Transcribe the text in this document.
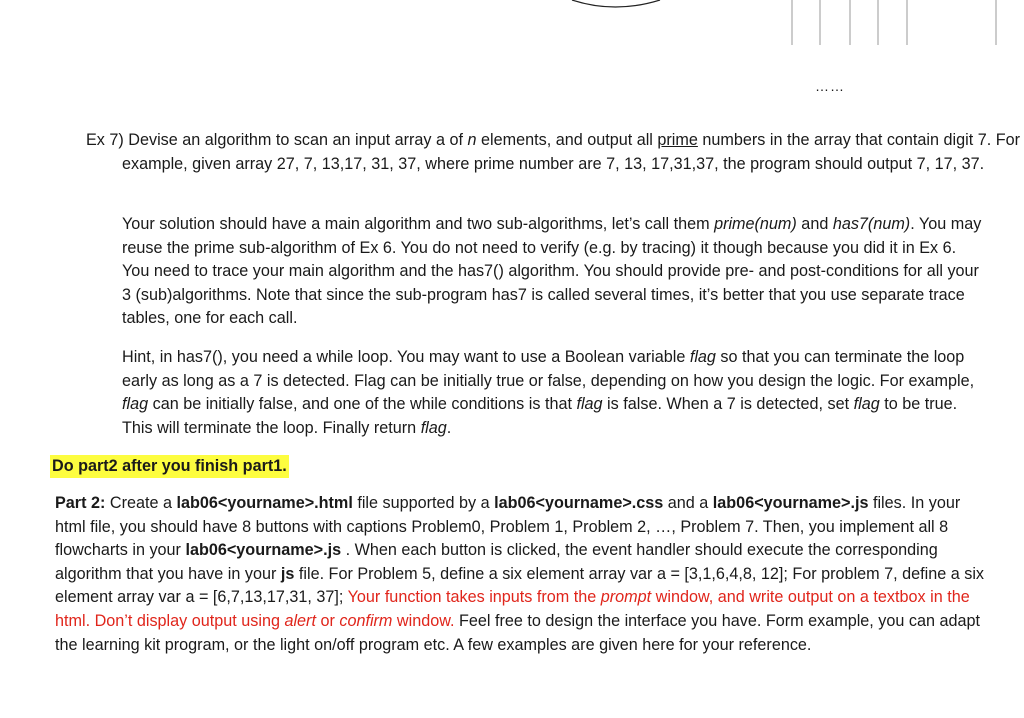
……

Ex 7) Devise an algorithm to scan an input array a of n elements, and output all prime numbers in the array that contain digit 7. For example, given array 27, 7, 13,17, 31, 37, where prime number are 7, 13, 17,31,37, the program should output 7, 17, 37.

Your solution should have a main algorithm and two sub-algorithms, let’s call them prime(num) and has7(num). You may reuse the prime sub-algorithm of Ex 6. You do not need to verify (e.g. by tracing) it though because you did it in Ex 6. You need to trace your main algorithm and the has7() algorithm. You should provide pre- and post-conditions for all your 3 (sub)algorithms. Note that since the sub-program has7 is called several times, it’s better that you use separate trace tables, one for each call.

Hint, in has7(), you need a while loop. You may want to use a Boolean variable flag so that you can terminate the loop early as long as a 7 is detected. Flag can be initially true or false, depending on how you design the logic. For example, flag can be initially false, and one of the while conditions is that flag is false. When a 7 is detected, set flag to be true. This will terminate the loop. Finally return flag.

Do part2 after you finish part1.

Part 2: Create a lab06<yourname>.html file supported by a lab06<yourname>.css and a lab06<yourname>.js files. In your html file, you should have 8 buttons with captions Problem0, Problem 1, Problem 2, …, Problem 7. Then, you implement all 8 flowcharts in your lab06<yourname>.js . When each button is clicked, the event handler should execute the corresponding algorithm that you have in your js file. For Problem 5, define a six element array var a = [3,1,6,4,8, 12]; For problem 7, define a six element array var a = [6,7,13,17,31, 37]; Your function takes inputs from the prompt window, and write output on a textbox in the html. Don’t display output using alert or confirm window. Feel free to design the interface you have. Form example, you can adapt the learning kit program, or the light on/off program etc. A few examples are given here for your reference.
